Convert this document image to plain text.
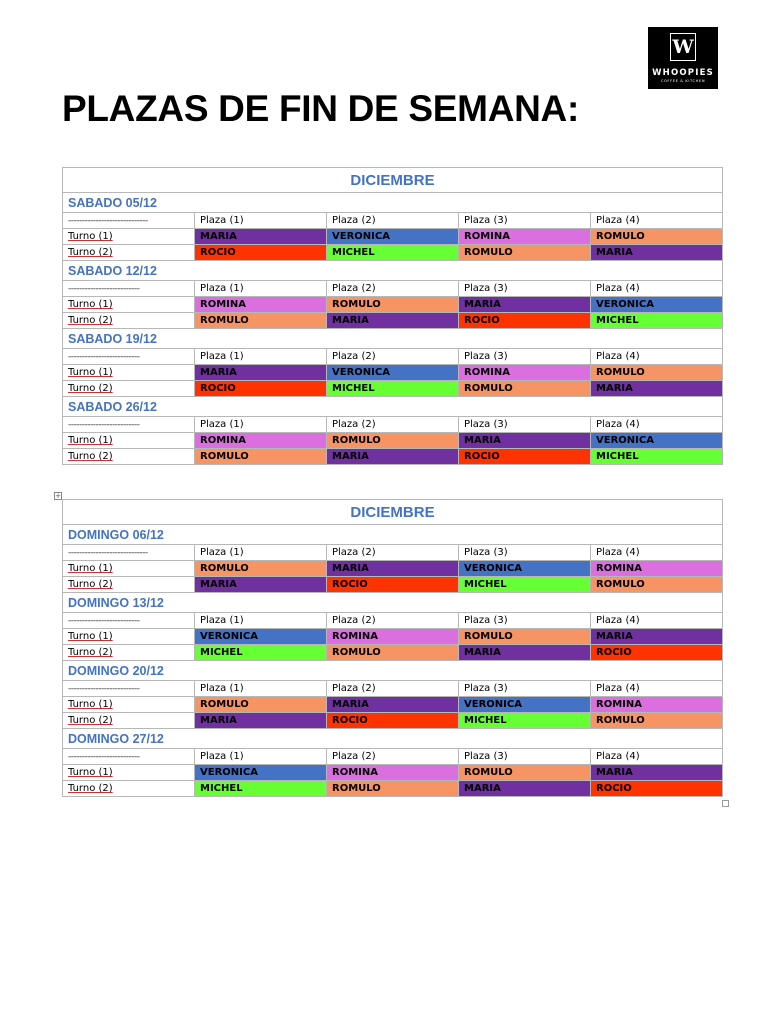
W
WHOOPIES
COFFEE & KITCHEN
PLAZAS DE FIN DE SEMANA:
+
DICIEMBRE				
SABADO 05/12				
-----------------------------	Plaza (1)	Plaza (2)	Plaza (3)	Plaza (4)
Turno (1)	MARIA	VERONICA	ROMINA	ROMULO
Turno (2)	ROCIO	MICHEL	ROMULO	MARIA
SABADO 12/12				
--------------------------	Plaza (1)	Plaza (2)	Plaza (3)	Plaza (4)
Turno (1)	ROMINA	ROMULO	MARIA	VERONICA
Turno (2)	ROMULO	MARIA	ROCIO	MICHEL
SABADO 19/12				
--------------------------	Plaza (1)	Plaza (2)	Plaza (3)	Plaza (4)
Turno (1)	MARIA	VERONICA	ROMINA	ROMULO
Turno (2)	ROCIO	MICHEL	ROMULO	MARIA
SABADO 26/12				
--------------------------	Plaza (1)	Plaza (2)	Plaza (3)	Plaza (4)
Turno (1)	ROMINA	ROMULO	MARIA	VERONICA
Turno (2)	ROMULO	MARIA	ROCIO	MICHEL
DICIEMBRE				
DOMINGO 06/12				
-----------------------------	Plaza (1)	Plaza (2)	Plaza (3)	Plaza (4)
Turno (1)	ROMULO	MARIA	VERONICA	ROMINA
Turno (2)	MARIA	ROCIO	MICHEL	ROMULO
DOMINGO 13/12				
--------------------------	Plaza (1)	Plaza (2)	Plaza (3)	Plaza (4)
Turno (1)	VERONICA	ROMINA	ROMULO	MARIA
Turno (2)	MICHEL	ROMULO	MARIA	ROCIO
DOMINGO 20/12				
--------------------------	Plaza (1)	Plaza (2)	Plaza (3)	Plaza (4)
Turno (1)	ROMULO	MARIA	VERONICA	ROMINA
Turno (2)	MARIA	ROCIO	MICHEL	ROMULO
DOMINGO 27/12				
--------------------------	Plaza (1)	Plaza (2)	Plaza (3)	Plaza (4)
Turno (1)	VERONICA	ROMINA	ROMULO	MARIA
Turno (2)	MICHEL	ROMULO	MARIA	ROCIO
